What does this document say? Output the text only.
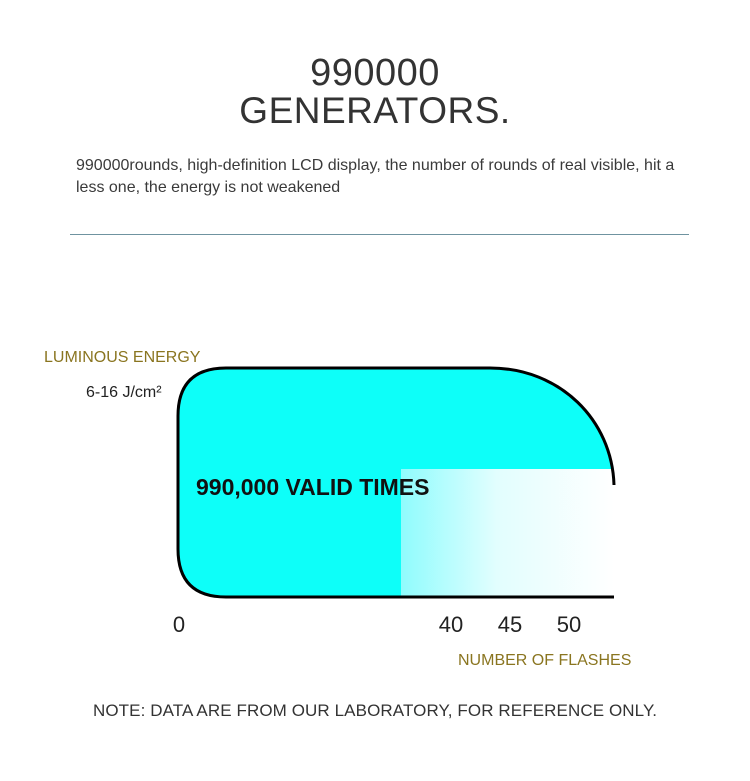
990000
GENERATORS.
990000rounds, high-definition LCD display, the number of rounds of real visible, hit a less one, the energy is not weakened
LUMINOUS ENERGY
6-16 J/cm²
990,000 VALID TIMES
0	40 45 50
NUMBER OF FLASHES
NOTE: DATA ARE FROM OUR LABORATORY, FOR REFERENCE ONLY.
